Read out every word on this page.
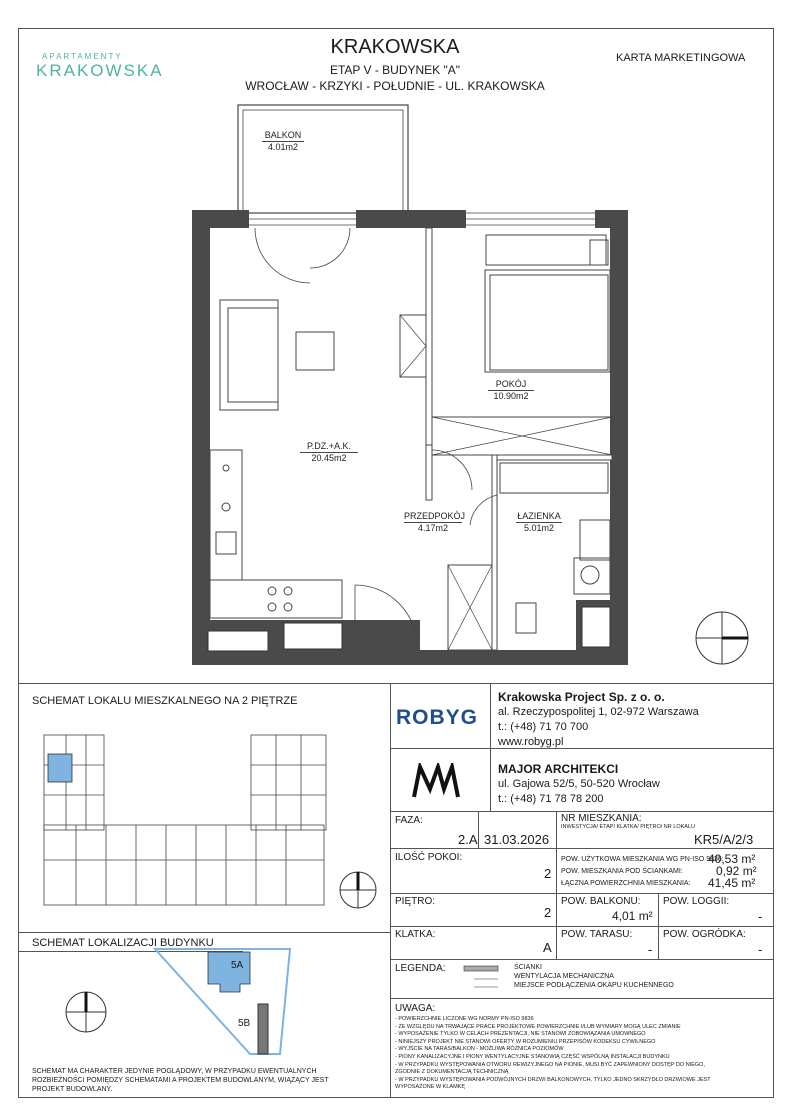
APARTAMENTY
KRAKOWSKA
KRAKOWSKA
ETAP V - BUDYNEK "A"
WROCŁAW - KRZYKI - POŁUDNIE - UL. KRAKOWSKA
KARTA MARKETINGOWA
BALKON
4.01m2
POKÓJ
10.90m2
P.DZ.+A.K.
20.45m2
PRZEDPOKÓJ
4.17m2
ŁAZIENKA
5.01m2
SCHEMAT LOKALU MIESZKALNEGO NA 2 PIĘTRZE
SCHEMAT LOKALIZACJI BUDYNKU
5A
5B
SCHEMAT MA CHARAKTER JEDYNIE POGLĄDOWY, W PRZYPADKU EWENTUALNYCH ROZBIEŻNOŚCI POMIĘDZY SCHEMATAMI A PROJEKTEM BUDOWLANYM, WIĄŻĄCY JEST PROJEKT BUDOWLANY.
ROBYG
Krakowska Project Sp. z o. o.
al. Rzeczypospolitej 1, 02-972 Warszawa
t.: (+48) 71 70 700
www.robyg.pl
MAJOR ARCHITEKCI
ul. Gajowa 52/5, 50-520 Wrocław
t.: (+48) 71 78 78 200
FAZA:
2.A 31.03.2026
NR MIESZKANIA:
INWESTYCJA/ ETAP/ KLATKA/ PIĘTRO/ NR LOKALU
KR5/A/2/3
ILOŚĆ POKOI:
2
POW. UŻYTKOWA MIESZKANIA WG PN-ISO 9836:
40,53 m²
POW. MIESZKANIA POD ŚCIANKAMI:	0,92 m²
ŁĄCZNA POWIERZCHNIA MIESZKANIA: 41,45 m²
PIĘTRO:
2
POW. BALKONU:
4,01 m²
POW. LOGGII:
-
KLATKA:
A
POW. TARASU:
-
POW. OGRÓDKA:
-
LEGENDA:	ŚCIANKI
WENTYLACJA MECHANICZNA
MIEJSCE PODŁĄCZENIA OKAPU KUCHENNEGO
UWAGA:
- POWIERZCHNIE LICZONE WG NORMY PN-ISO 9836
- ZE WZGLĘDU NA TRWAJĄCE PRACE PROJEKTOWE POWIERZCHNIE I/LUB WYMIARY MOGĄ ULEC ZMIANIE
- WYPOSAŻENIE TYLKO W CELACH PREZENTACJI, NIE STANOWI ZOBOWIĄZANIA UMOWNEGO
- NINIEJSZY PROJEKT NIE STANOWI OFERTY W ROZUMIENIU PRZEPISÓW KODEKSU CYWILNEGO
- WYJŚCIE NA TARAS/BALKON - MOŻLIWA RÓŻNICA POZIOMÓW
- PIONY KANALIZACYJNE I PIONY WENTYLACYJNE STANOWIĄ CZĘŚĆ WSPÓLNĄ INSTALACJI BUDYNKU
- W PRZYPADKU WYSTĘPOWANIA OTWORU REWIZYJNEGO NA PIONIE, MUSI BYĆ ZAPEWNIONY DOSTĘP DO NIEGO, ZGODNIE Z DOKUMENTACJĄ TECHNICZNĄ
- W PRZYPADKU WYSTĘPOWANIA PODWÓJNYCH DRZWI BALKONOWYCH, TYLKO JEDNO SKRZYDŁO DRZWIOWE JEST WYPOSAŻONE W KLAMKĘ
